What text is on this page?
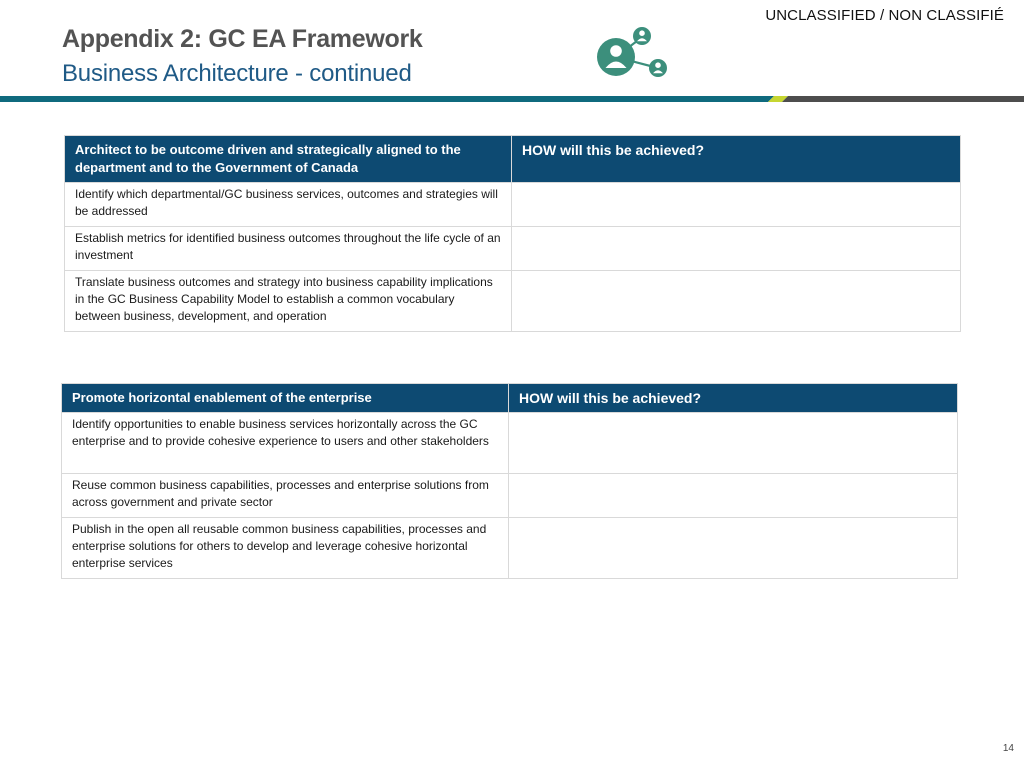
UNCLASSIFIED / NON CLASSIFIÉ
Appendix 2: GC EA Framework
Business Architecture - continued
Architect to be outcome driven and strategically aligned to the department and to the Government of Canada	HOW will this be achieved?
Identify which departmental/GC business services, outcomes and strategies will be addressed	
Establish metrics for identified business outcomes throughout the life cycle of an investment	
Translate business outcomes and strategy into business capability implications in the GC Business Capability Model to establish a common vocabulary between business, development, and operation	
Promote horizontal enablement of the enterprise	HOW will this be achieved?
Identify opportunities to enable business services horizontally across the GC enterprise and to provide cohesive experience to users and other stakeholders	
Reuse common business capabilities, processes and enterprise solutions from across government and private sector	
Publish in the open all reusable common business capabilities, processes and enterprise solutions for others to develop and leverage cohesive horizontal enterprise services	
14
